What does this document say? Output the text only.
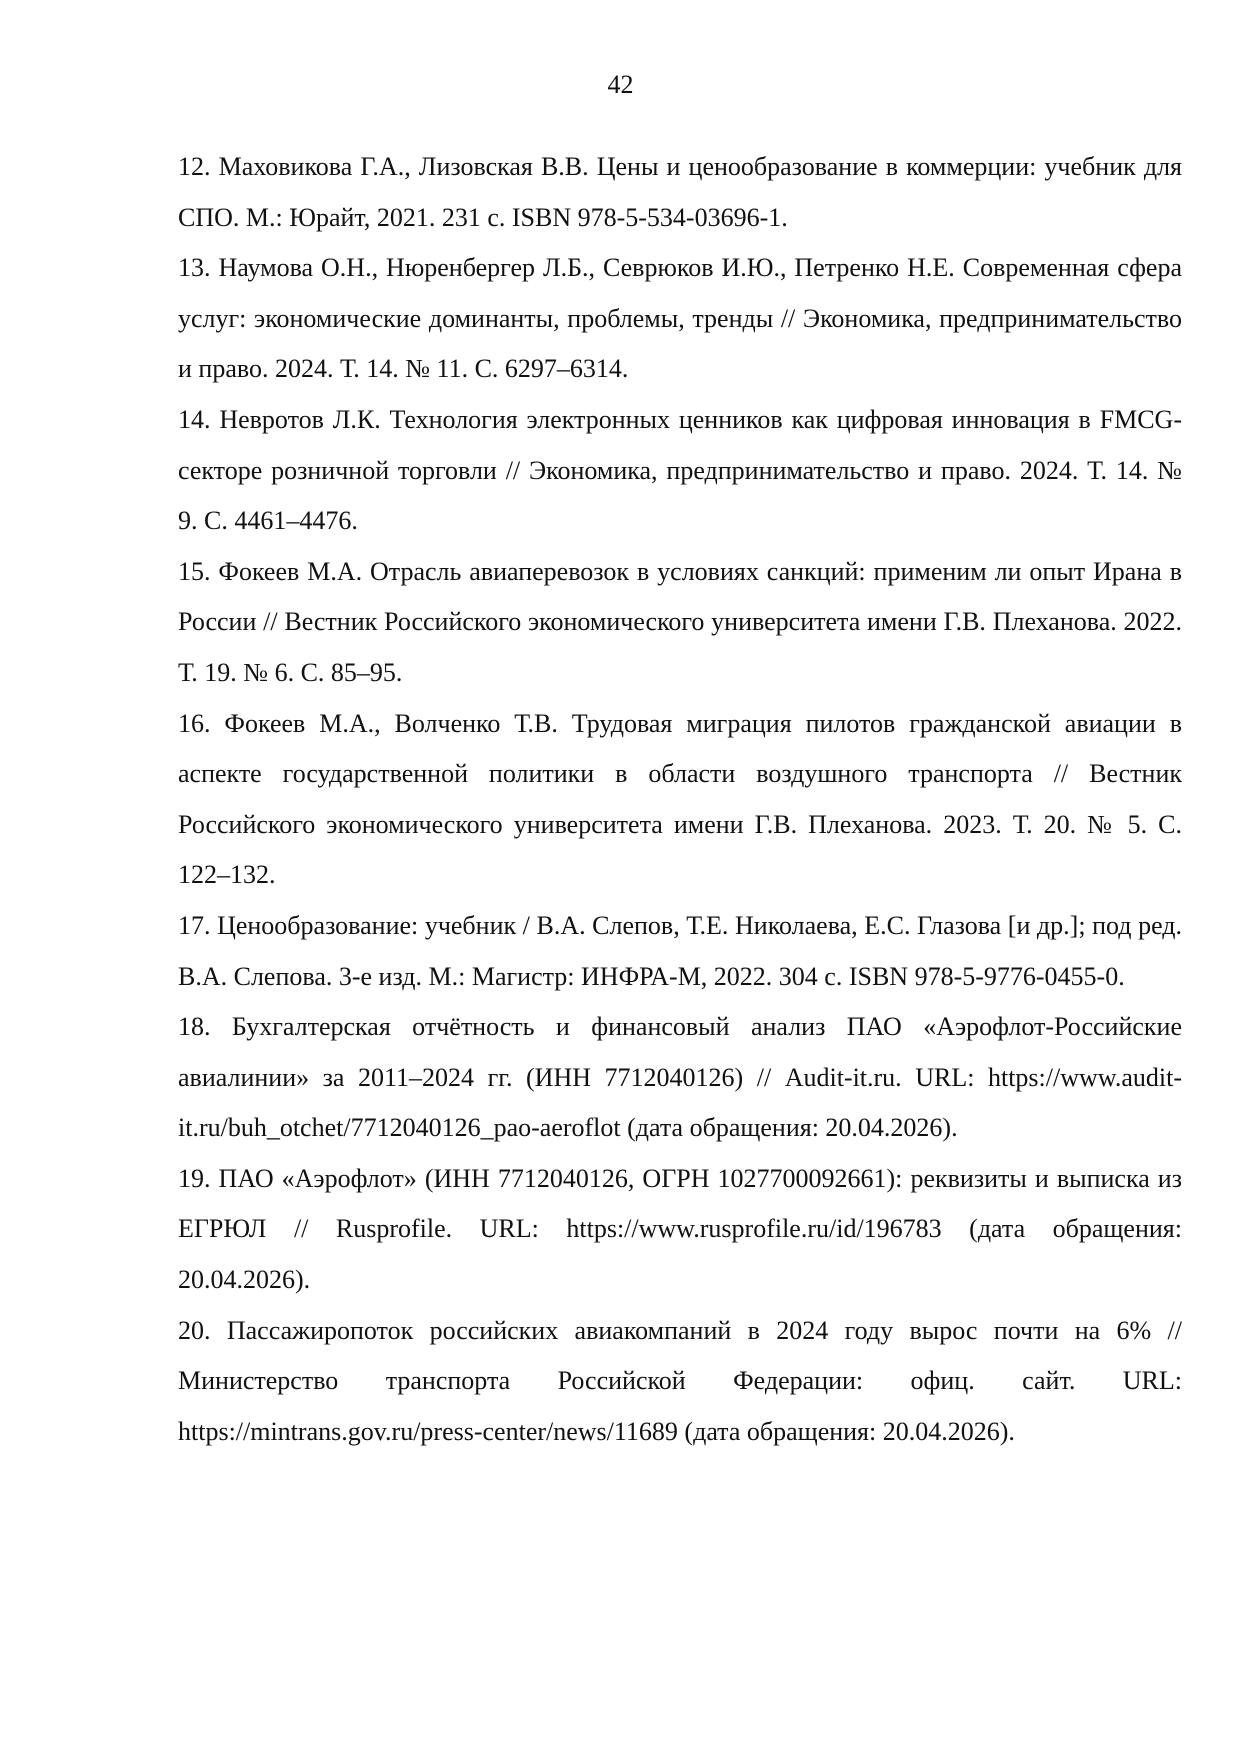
42
12. Маховикова Г.А., Лизовская В.В. Цены и ценообразование в коммерции: учебник для СПО. М.: Юрайт, 2021. 231 с. ISBN 978-5-534-03696-1.
13. Наумова О.Н., Нюренбергер Л.Б., Севрюков И.Ю., Петренко Н.Е. Современная сфера услуг: экономические доминанты, проблемы, тренды // Экономика, предпринимательство и право. 2024. Т. 14. № 11. С. 6297–6314.
14. Невротов Л.К. Технология электронных ценников как цифровая инновация в FMCG-секторе розничной торговли // Экономика, предпринимательство и право. 2024. Т. 14. № 9. С. 4461–4476.
15. Фокеев М.А. Отрасль авиаперевозок в условиях санкций: применим ли опыт Ирана в России // Вестник Российского экономического университета имени Г.В. Плеханова. 2022. Т. 19. № 6. С. 85–95.
16. Фокеев М.А., Волченко Т.В. Трудовая миграция пилотов гражданской авиации в аспекте государственной политики в области воздушного транспорта // Вестник Российского экономического университета имени Г.В. Плеханова. 2023. Т. 20. № 5. С. 122–132.
17. Ценообразование: учебник / В.А. Слепов, Т.Е. Николаева, Е.С. Глазова [и др.]; под ред. В.А. Слепова. 3-е изд. М.: Магистр: ИНФРА-М, 2022. 304 с. ISBN 978-5-9776-0455-0.
18. Бухгалтерская отчётность и финансовый анализ ПАО «Аэрофлот-Российские авиалинии» за 2011–2024 гг. (ИНН 7712040126) // Audit-it.ru. URL: https://www.audit-it.ru/buh_otchet/7712040126_pao-aeroflot (дата обращения: 20.04.2026).
19. ПАО «Аэрофлот» (ИНН 7712040126, ОГРН 1027700092661): реквизиты и выписка из ЕГРЮЛ // Rusprofile. URL: https://www.rusprofile.ru/id/196783 (дата обращения: 20.04.2026).
20. Пассажиропоток российских авиакомпаний в 2024 году вырос почти на 6% // Министерство транспорта Российской Федерации: офиц. сайт. URL: https://mintrans.gov.ru/press-center/news/11689 (дата обращения: 20.04.2026).
